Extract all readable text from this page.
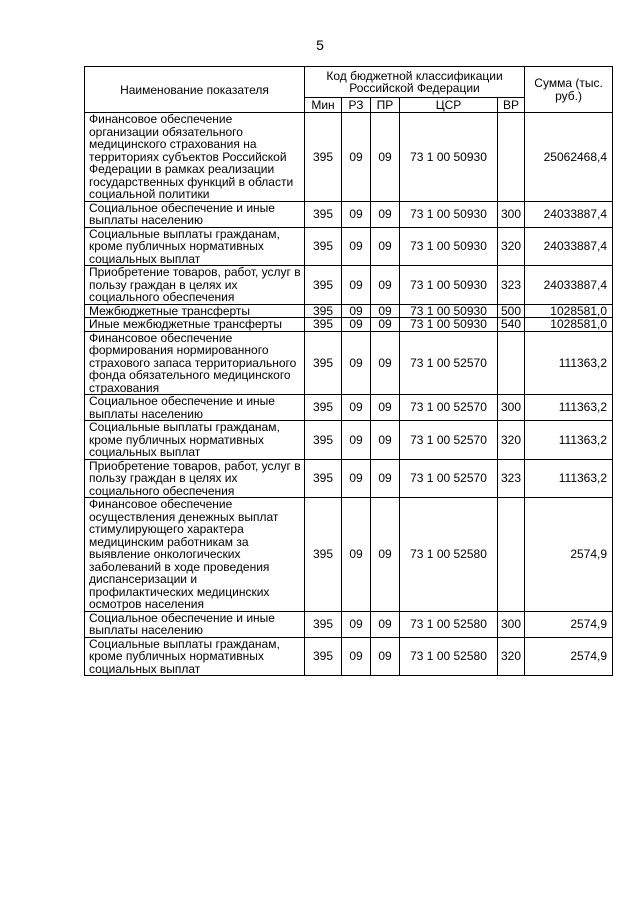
5
Наименование показателя	Код бюджетной классификации Российской Федерации					Сумма (тыс. руб.)
	Мин	РЗ	ПР	ЦСР	ВР	
Финансовое обеспечение организации обязательного медицинского страхования на территориях субъектов Российской Федерации в рамках реализации государственных функций в области социальной политики	395	09	09	73 1 00 50930		25062468,4
Социальное обеспечение и иные выплаты населению	395	09	09	73 1 00 50930	300	24033887,4
Социальные выплаты гражданам, кроме публичных нормативных социальных выплат	395	09	09	73 1 00 50930	320	24033887,4
Приобретение товаров, работ, услуг в пользу граждан в целях их социального обеспечения	395	09	09	73 1 00 50930	323	24033887,4
Межбюджетные трансферты	395	09	09	73 1 00 50930	500	1028581,0
Иные межбюджетные трансферты	395	09	09	73 1 00 50930	540	1028581,0
Финансовое обеспечение формирования нормированного страхового запаса территориального фонда обязательного медицинского страхования	395	09	09	73 1 00 52570		111363,2
Социальное обеспечение и иные выплаты населению	395	09	09	73 1 00 52570	300	111363,2
Социальные выплаты гражданам, кроме публичных нормативных социальных выплат	395	09	09	73 1 00 52570	320	111363,2
Приобретение товаров, работ, услуг в пользу граждан в целях их социального обеспечения	395	09	09	73 1 00 52570	323	111363,2
Финансовое обеспечение осуществления денежных выплат стимулирующего характера медицинским работникам за выявление онкологических заболеваний в ходе проведения диспансеризации и профилактических медицинских осмотров населения	395	09	09	73 1 00 52580		2574,9
Социальное обеспечение и иные выплаты населению	395	09	09	73 1 00 52580	300	2574,9
Социальные выплаты гражданам, кроме публичных нормативных социальных выплат	395	09	09	73 1 00 52580	320	2574,9
